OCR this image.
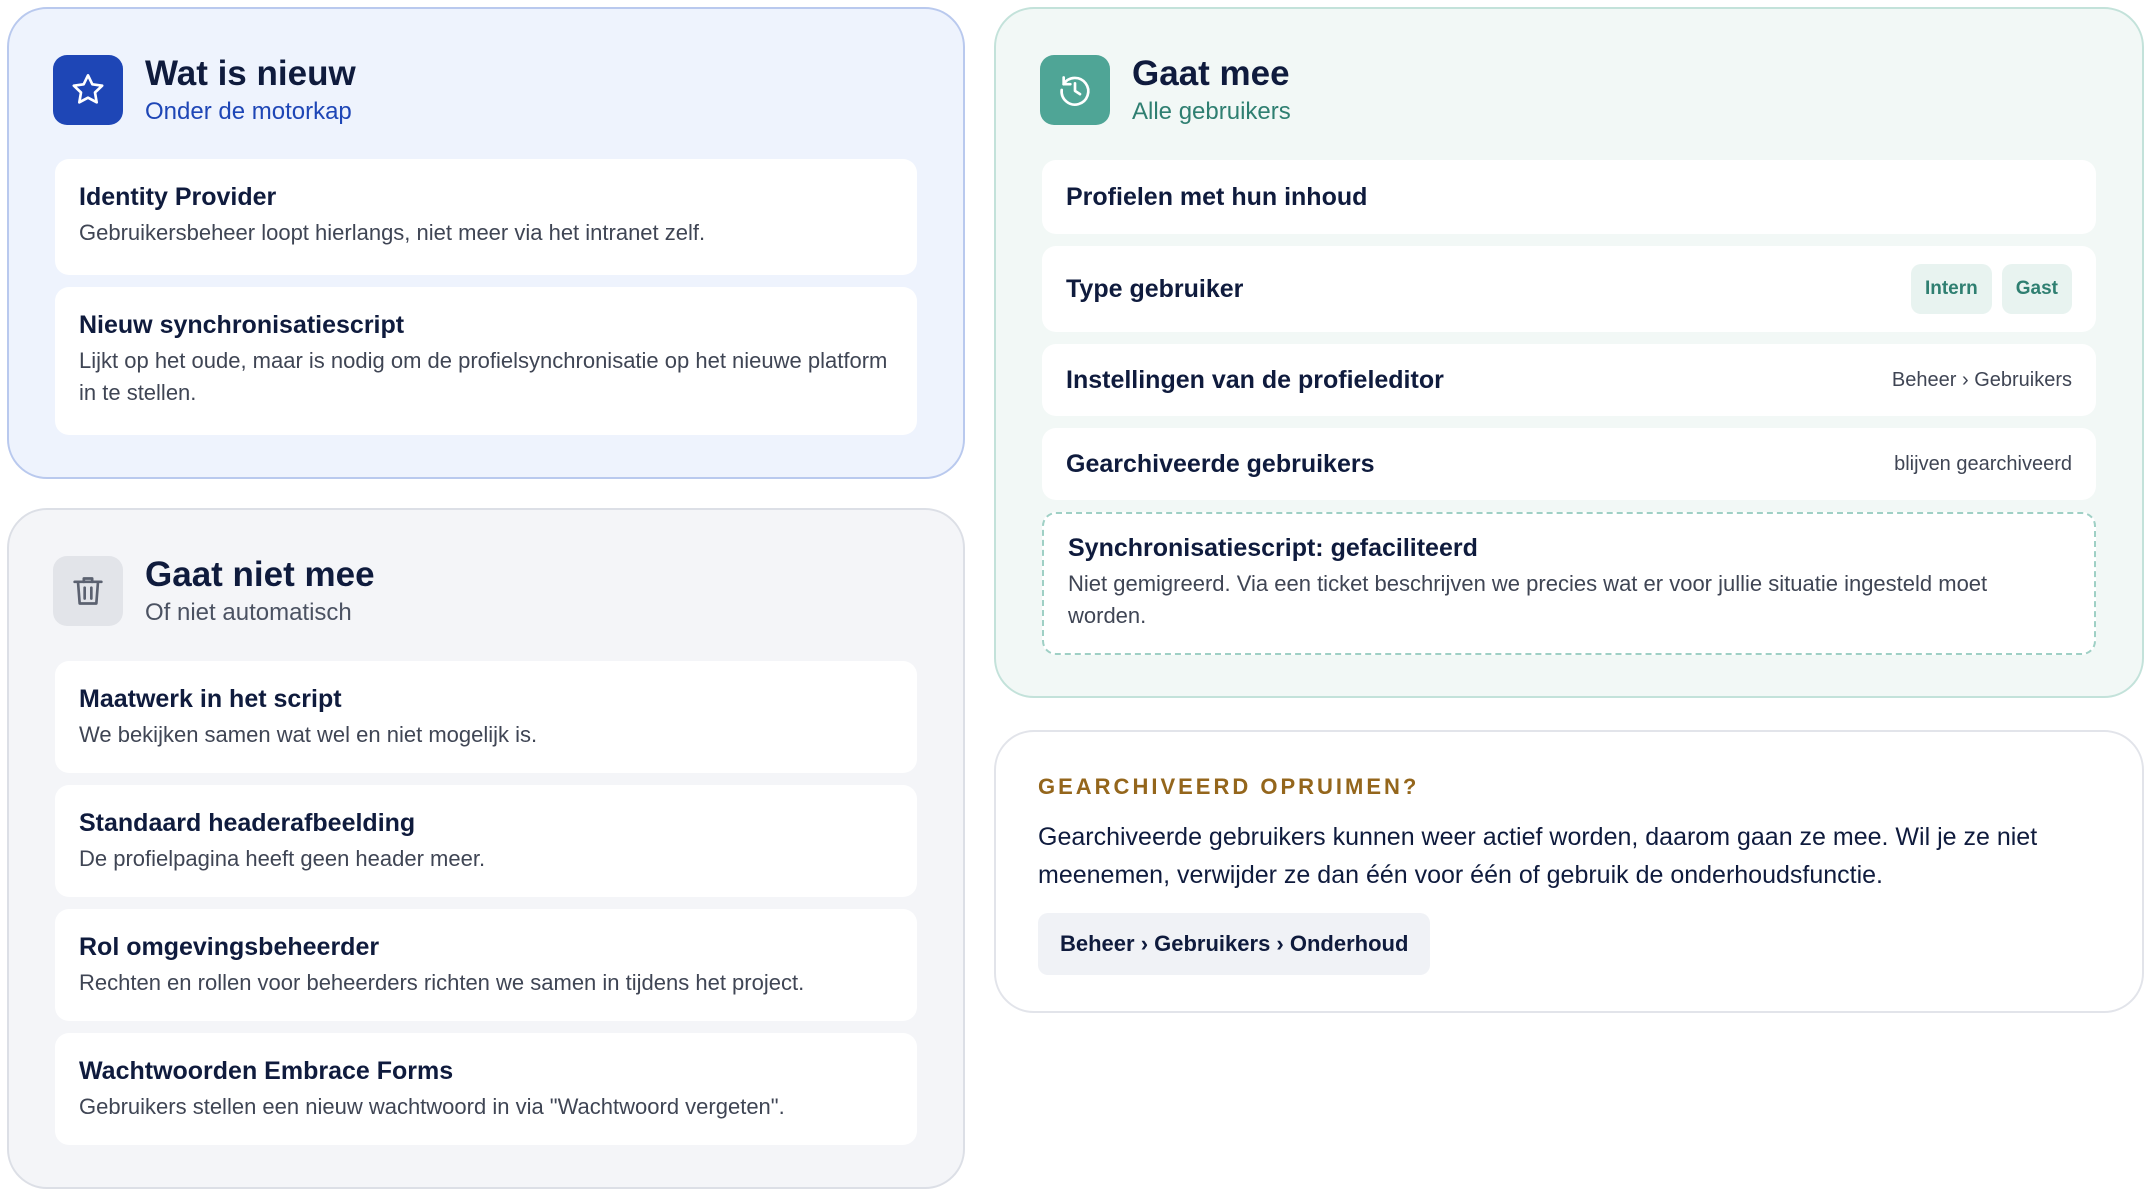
Wat is nieuw
Onder de motorkap
Identity Provider
Gebruikersbeheer loopt hierlangs, niet meer via het intranet zelf.
Nieuw synchronisatiescript
Lijkt op het oude, maar is nodig om de profielsynchronisatie op het nieuwe platform in te stellen.
Gaat niet mee
Of niet automatisch
Maatwerk in het script
We bekijken samen wat wel en niet mogelijk is.
Standaard headerafbeelding
De profielpagina heeft geen header meer.
Rol omgevingsbeheerder
Rechten en rollen voor beheerders richten we samen in tijdens het project.
Wachtwoorden Embrace Forms
Gebruikers stellen een nieuw wachtwoord in via "Wachtwoord vergeten".
Gaat mee
Alle gebruikers
Profielen met hun inhoud
Type gebruiker	Intern	Gast
Instellingen van de profieleditor	Beheer › Gebruikers
Gearchiveerde gebruikers	blijven gearchiveerd
Synchronisatiescript: gefaciliteerd
Niet gemigreerd. Via een ticket beschrijven we precies wat er voor jullie situatie ingesteld moet worden.
GEARCHIVEERD OPRUIMEN?
Gearchiveerde gebruikers kunnen weer actief worden, daarom gaan ze mee. Wil je ze niet meenemen, verwijder ze dan één voor één of gebruik de onderhoudsfunctie.
Beheer › Gebruikers › Onderhoud
